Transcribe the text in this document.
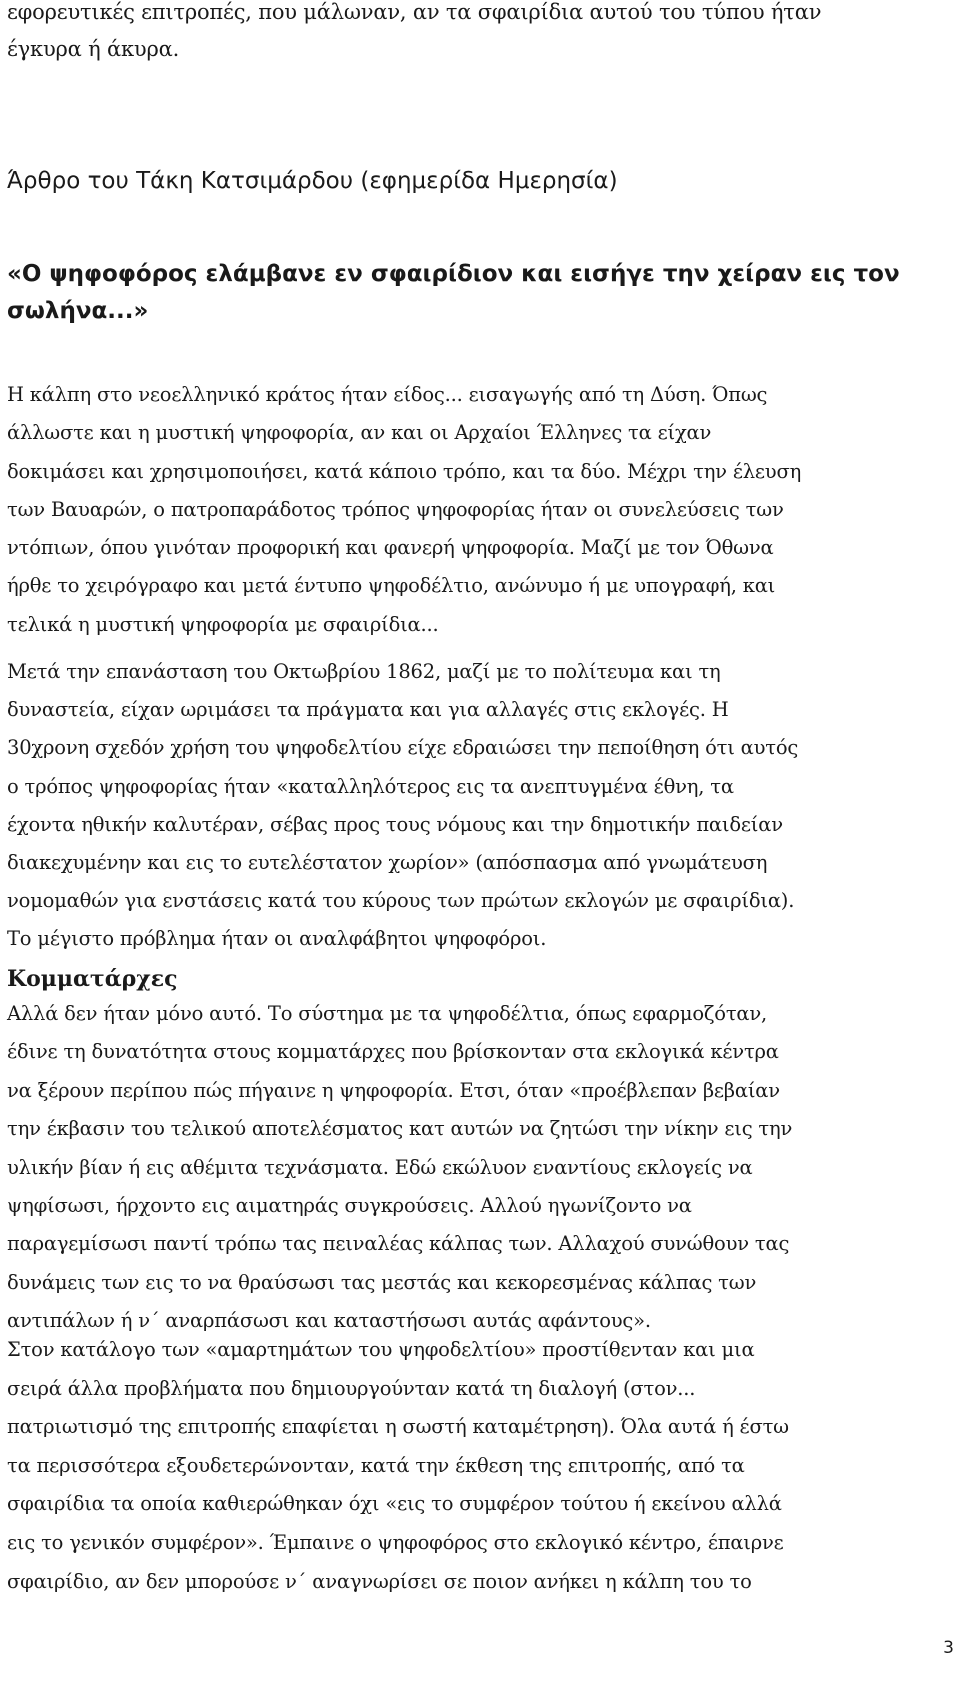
εφορευτικές επιτροπές, που μάλωναν, αν τα σφαιρίδια αυτού του τύπου ήταν
έγκυρα ή άκυρα.
Άρθρο του Τάκη Κατσιμάρδου (εφημερίδα Ημερησία)
«Ο ψηφοφόρος ελάμβανε εν σφαιρίδιον και εισήγε την χείραν εις τον
σωλήνα...»
Η κάλπη στο νεοελληνικό κράτος ήταν είδος... εισαγωγής από τη Δύση. Όπως
άλλωστε και η μυστική ψηφοφορία, αν και οι Αρχαίοι Έλληνες τα είχαν
δοκιμάσει και χρησιμοποιήσει, κατά κάποιο τρόπο, και τα δύο. Μέχρι την έλευση
των Βαυαρών, ο πατροπαράδοτος τρόπος ψηφοφορίας ήταν οι συνελεύσεις των
ντόπιων, όπου γινόταν προφορική και φανερή ψηφοφορία. Μαζί με τον Όθωνα
ήρθε το χειρόγραφο και μετά έντυπο ψηφοδέλτιο, ανώνυμο ή με υπογραφή, και
τελικά η μυστική ψηφοφορία με σφαιρίδια...
Μετά την επανάσταση του Οκτωβρίου 1862, μαζί με το πολίτευμα και τη
δυναστεία, είχαν ωριμάσει τα πράγματα και για αλλαγές στις εκλογές. Η
30χρονη σχεδόν χρήση του ψηφοδελτίου είχε εδραιώσει την πεποίθηση ότι αυτός
ο τρόπος ψηφοφορίας ήταν «καταλληλότερος εις τα ανεπτυγμένα έθνη, τα
έχοντα ηθικήν καλυτέραν, σέβας προς τους νόμους και την δημοτικήν παιδείαν
διακεχυμένην και εις το ευτελέστατον χωρίον» (απόσπασμα από γνωμάτευση
νομομαθών για ενστάσεις κατά του κύρους των πρώτων εκλογών με σφαιρίδια).
Το μέγιστο πρόβλημα ήταν οι αναλφάβητοι ψηφοφόροι.
Κομματάρχες
Αλλά δεν ήταν μόνο αυτό. Το σύστημα με τα ψηφοδέλτια, όπως εφαρμοζόταν,
έδινε τη δυνατότητα στους κομματάρχες που βρίσκονταν στα εκλογικά κέντρα
να ξέρουν περίπου πώς πήγαινε η ψηφοφορία. Ετσι, όταν «προέβλεπαν βεβαίαν
την έκβασιν του τελικού αποτελέσματος κατ αυτών να ζητώσι την νίκην εις την
υλικήν βίαν ή εις αθέμιτα τεχνάσματα. Εδώ εκώλυον εναντίους εκλογείς να
ψηφίσωσι, ήρχοντο εις αιματηράς συγκρούσεις. Αλλού ηγωνίζοντο να
παραγεμίσωσι παντί τρόπω τας πειναλέας κάλπας των. Αλλαχού συνώθουν τας
δυνάμεις των εις το να θραύσωσι τας μεστάς και κεκορεσμένας κάλπας των
αντιπάλων ή ν΄ αναρπάσωσι και καταστήσωσι αυτάς αφάντους».
Στον κατάλογο των «αμαρτημάτων του ψηφοδελτίου» προστίθενταν και μια
σειρά άλλα προβλήματα που δημιουργούνταν κατά τη διαλογή (στον...
πατριωτισμό της επιτροπής επαφίεται η σωστή καταμέτρηση). Όλα αυτά ή έστω
τα περισσότερα εξουδετερώνονταν, κατά την έκθεση της επιτροπής, από τα
σφαιρίδια τα οποία καθιερώθηκαν όχι «εις το συμφέρον τούτου ή εκείνου αλλά
εις το γενικόν συμφέρον». Έμπαινε ο ψηφοφόρος στο εκλογικό κέντρο, έπαιρνε
σφαιρίδιο, αν δεν μπορούσε ν΄ αναγνωρίσει σε ποιον ανήκει η κάλπη του το
3
